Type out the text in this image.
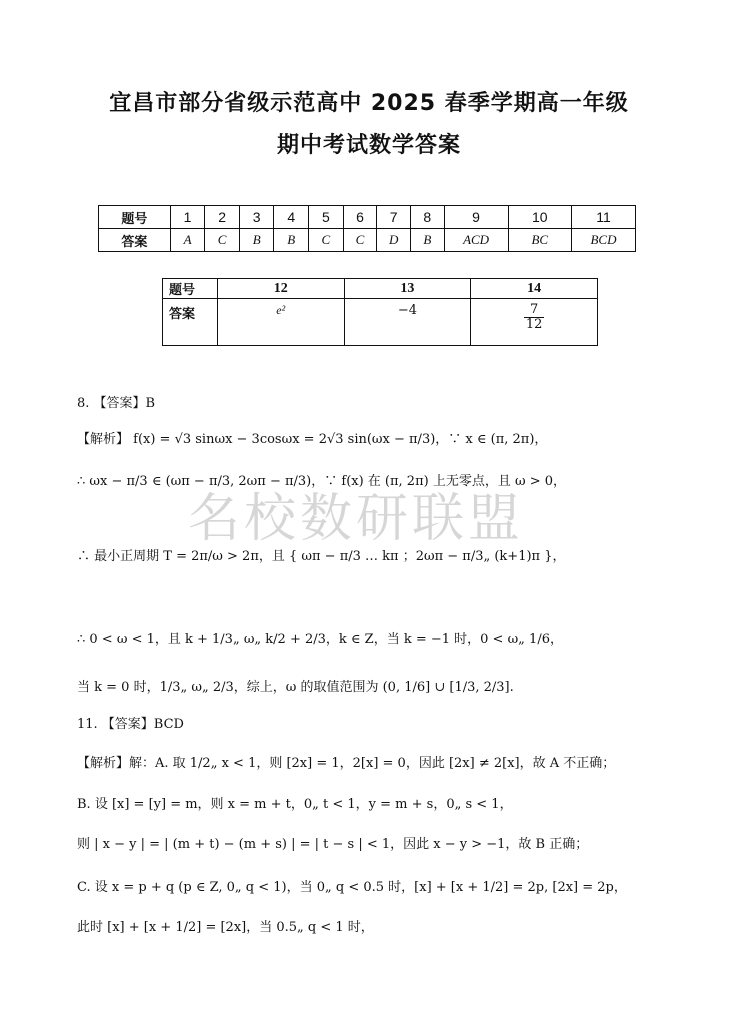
宜昌市部分省级示范高中 2025 春季学期高一年级
期中考试数学答案
题号	1	2	3	4	5	6	7	8	9	10	11
答案	A	C	B	B	C	C	D	B	ACD	BC	BCD
题号	12	13	14
答案	e²	−4	$\frac{7}{12}$
名校数研联盟
8. 【答案】B
【解析】 f(x) = √3 sinωx − 3cosωx = 2√3 sin(ωx − π/3)，∵ x ∈ (π, 2π)，
∴ ωx − π/3 ∈ (ωπ − π/3, 2ωπ − π/3)，∵ f(x) 在 (π, 2π) 上无零点，且 ω > 0，
∴ 最小正周期 T = 2π/ω > 2π，且 { ωπ − π/3 … kπ ；2ωπ − π/3„ (k+1)π }，
∴ 0 < ω < 1，且 k + 1/3„ ω„ k/2 + 2/3，k ∈ Z，当 k = −1 时，0 < ω„ 1/6，
当 k = 0 时，1/3„ ω„ 2/3，综上，ω 的取值范围为 (0, 1/6] ∪ [1/3, 2/3].
11. 【答案】BCD
【解析】解：A. 取 1/2„ x < 1，则 [2x] = 1，2[x] = 0，因此 [2x] ≠ 2[x]，故 A 不正确；
B. 设 [x] = [y] = m，则 x = m + t，0„ t < 1，y = m + s，0„ s < 1，
则 | x − y | = | (m + t) − (m + s) | = | t − s | < 1，因此 x − y > −1，故 B 正确；
C. 设 x = p + q (p ∈ Z, 0„ q < 1)，当 0„ q < 0.5 时，[x] + [x + 1/2] = 2p, [2x] = 2p，
此时 [x] + [x + 1/2] = [2x]，当 0.5„ q < 1 时，
